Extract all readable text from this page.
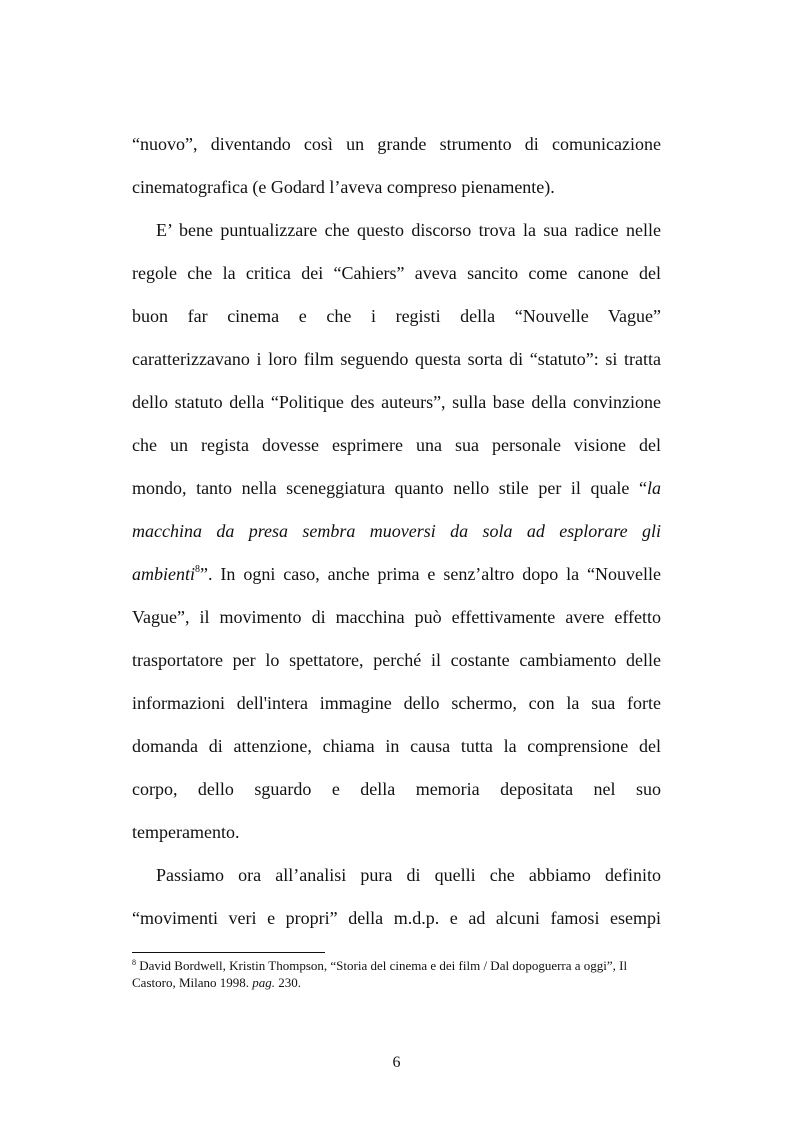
“nuovo”, diventando così un grande strumento di comunicazione
cinematografica (e Godard l’aveva compreso pienamente).
E’ bene puntualizzare che questo discorso trova la sua radice nelle
regole che la critica dei “Cahiers” aveva sancito come canone del
buon far cinema e che i registi della “Nouvelle Vague”
caratterizzavano i loro film seguendo questa sorta di “statuto”: si tratta
dello statuto della “Politique des auteurs”, sulla base della convinzione
che un regista dovesse esprimere una sua personale visione del
mondo, tanto nella sceneggiatura quanto nello stile per il quale “la
macchina da presa sembra muoversi da sola ad esplorare gli
ambienti$^8$”. In ogni caso, anche prima e senz’altro dopo la “Nouvelle
Vague”, il movimento di macchina può effettivamente avere effetto
trasportatore per lo spettatore, perché il costante cambiamento delle
informazioni dell'intera immagine dello schermo, con la sua forte
domanda di attenzione, chiama in causa tutta la comprensione del
corpo, dello sguardo e della memoria depositata nel suo
temperamento.
Passiamo ora all’analisi pura di quelli che abbiamo definito
“movimenti veri e propri” della m.d.p. e ad alcuni famosi esempi
$^8$ David Bordwell, Kristin Thompson, “Storia del cinema e dei film / Dal dopoguerra a oggi”, Il
Castoro, Milano 1998. pag. 230.
6
